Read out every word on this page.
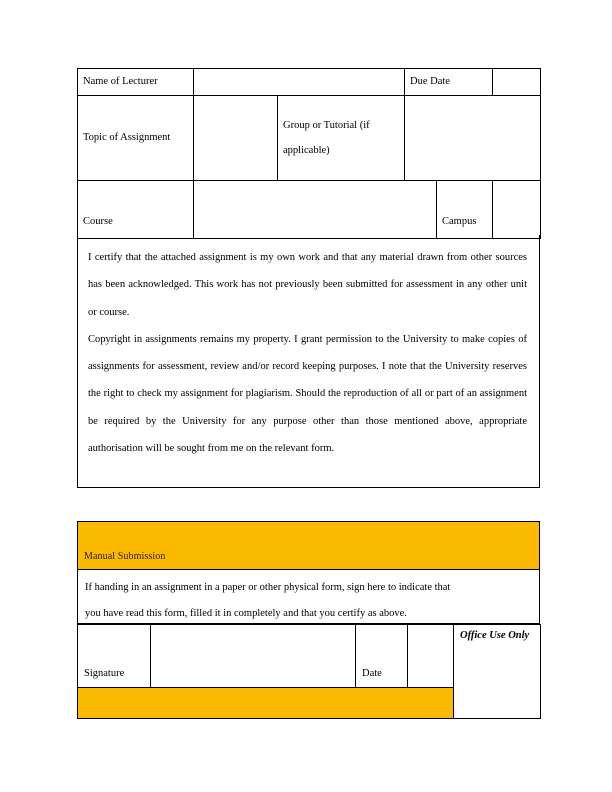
Name of Lecturer			Due Date		

Topic of Assignment		Group or Tutorial (if applicable)			

Course				Campus	

I certify that the attached assignment is my own work and that any material drawn from other sources has been acknowledged. This work has not previously been submitted for assessment in any other unit or course.

Copyright in assignments remains my property. I grant permission to the University to make copies of assignments for assessment, review and/or record keeping purposes. I note that the University reserves the right to check my assignment for plagiarism. Should the reproduction of all or part of an assignment be required by the University for any purpose other than those mentioned above, appropriate authorisation will be sought from me on the relevant form.

Manual Submission

If handing in an assignment in a paper or other physical form, sign here to indicate that

you have read this form, filled it in completely and that you certify as above.

Signature		Date		Office Use Only
